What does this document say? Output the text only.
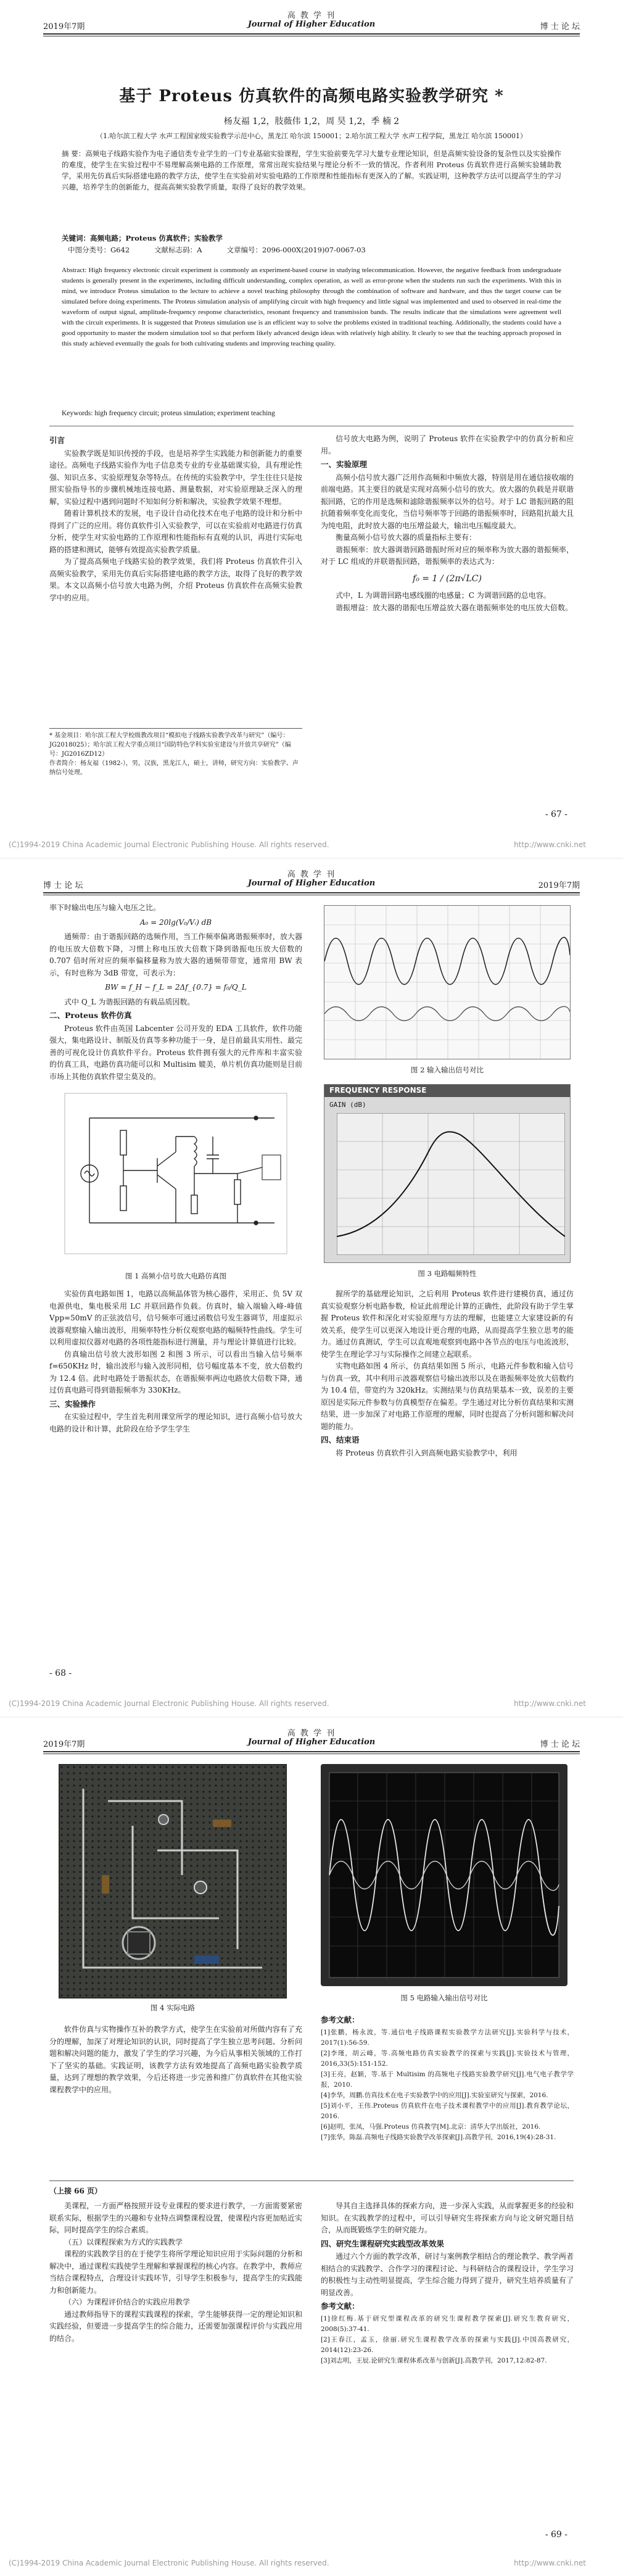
高 教 学 刊
2019年7期	Journal of Higher Education	博 士 论 坛
基于 Proteus 仿真软件的高频电路实验教学研究 *
杨友福 1,2，肢薇伟 1,2，周 昊 1,2，季 楠 2
（1.哈尔滨工程大学 水声工程国家级实验教学示范中心，黑龙江 哈尔滨 150001；2.哈尔滨工程大学 水声工程学院，黑龙江 哈尔滨 150001）
摘 要：高频电子线路实验作为电子通信类专业学生的一门专业基础实验课程，学生实验前要先学习大量专业理论知识，但是高频实验设备的复杂性以及实验操作的难度，使学生在实验过程中不易理解高频电路的工作原理，常常出现实验结果与理论分析不一致的情况。作者利用 Proteus 仿真软件进行高频实验辅助教学，采用先仿真后实际搭建电路的教学方法，使学生在实验前对实验电路的工作原理和性能指标有更深入的了解。实践证明，这种教学方法可以提高学生的学习兴趣，培养学生的创新能力，提高高频实验教学质量，取得了良好的教学效果。
关键词：高频电路；Proteus 仿真软件；实验教学
中图分类号：G642	文献标志码：A	文章编号：2096-000X(2019)07-0067-03
Abstract: High frequency electronic circuit experiment is commonly an experiment-based course in studying telecommunication. However, the negative feedback from undergraduate students is generally present in the experiments, including difficult understanding, complex operation, as well as error-prone when the students run such the experiments. With this in mind, we introduce Proteus simulation to the lecture to achieve a novel teaching philosophy through the combination of software and hardware, and thus the target course can be simulated before doing experiments. The Proteus simulation analysis of amplifying circuit with high frequency and little signal was implemented and used to observed in real-time the waveform of output signal, amplitude-frequency response characteristics, resonant frequency and transmission bands. The results indicate that the simulations were agreement well with the circuit experiments. It is suggested that Proteus simulation use is an efficient way to solve the problems existed in traditional teaching. Additionally, the students could have a good opportunity to master the modern simulation tool so that perform likely advanced design ideas with relatively high ability. It clearly to see that the teaching approach proposed in this study achieved eventually the goals for both cultivating students and improving teaching quality.
Keywords: high frequency circuit; proteus simulation; experiment teaching
引言

实验教学既是知识传授的手段，也是培养学生实践能力和创新能力的重要途径。高频电子线路实验作为电子信息类专业的专业基础课实验，具有理论性强、知识点多、实验原理复杂等特点。在传统的实验教学中，学生往往只是按照实验指导书的步骤机械地连接电路、测量数据，对实验原理缺乏深入的理解，实验过程中遇到问题时不知如何分析和解决，实验教学效果不理想。

随着计算机技术的发展，电子设计自动化技术在电子电路的设计和分析中得到了广泛的应用。将仿真软件引入实验教学，可以在实验前对电路进行仿真分析，使学生对实验电路的工作原理和性能指标有直观的认识，再进行实际电路的搭建和测试，能够有效提高实验教学质量。

为了提高高频电子线路实验的教学效果，我们将 Proteus 仿真软件引入高频实验教学，采用先仿真后实际搭建电路的教学方法，取得了良好的教学效果。本文以高频小信号放大电路为例，介绍 Proteus 仿真软件在高频实验教学中的应用。

信号放大电路为例，说明了 Proteus 软件在实验教学中的仿真分析和应用。

一、实验原理

高频小信号放大器广泛用作高频和中频放大器，特别是用在通信接收端的前端电路。其主要目的就是实现对高频小信号的放大。放大器的负载是并联谐振回路，它的作用是选频和滤除谐振频率以外的信号。对于 LC 谐振回路的阻抗随着频率变化而变化，当信号频率等于回路的谐振频率时，回路阻抗最大且为纯电阻，此时放大器的电压增益最大，输出电压幅度最大。

衡量高频小信号放大器的质量指标主要有：

谐振频率：放大器调谐回路谐振时所对应的频率称为放大器的谐振频率，对于 LC 组成的并联谐振回路，谐振频率的表达式为：

f₀ = 1 / (2π√LC)

式中，L 为调谐回路电感线圈的电感量；C 为调谐回路的总电容。

谐振增益：放大器的谐振电压增益放大器在谐振频率处的电压放大倍数。

* 基金项目：哈尔滨工程大学校级教改项目“模拟电子线路实验教学改革与研究”（编号：JG2018025）；哈尔滨工程大学重点项目“国防特色学科实验室建设与开放共享研究”（编号：JG2016ZD12）
作者简介：杨友福（1982-），男，汉族，黑龙江人，硕士，讲师，研究方向：实验教学、声纳信号处理。
- 67 -
(C)1994-2019 China Academic Journal Electronic Publishing House. All rights reserved.	http://www.cnki.net
高 教 学 刊
博 士 论 坛	Journal of Higher Education	2019年7期

率下时输出电压与输入电压之比。

A₀ = 20lg(V₀/Vᵢ) dB

通频带：由于谐振回路的选频作用，当工作频率偏离谐振频率时，放大器的电压放大倍数下降，习惯上称电压放大倍数下降到谐振电压放大倍数的 0.707 倍时所对应的频率偏移量称为放大器的通频带带宽，通常用 BW 表示，有时也称为 3dB 带宽，可表示为：

BW = f_H − f_L = 2Δf_{0.7} = f₀/Q_L

式中 Q_L 为谐振回路的有载品质因数。

二、Proteus 软件仿真

Proteus 软件由英国 Labcenter 公司开发的 EDA 工具软件，软件功能强大，集电路设计、制版及仿真等多种功能于一身，是目前最具实用性、最完善的可视化设计仿真软件平台。Proteus 软件拥有强大的元件库和丰富实验的仿真工具，电路仿真功能可以和 Multisim 媲美，单片机仿真功能则是目前市场上其他仿真软件望尘莫及的。

图 1 高频小信号放大电路仿真图

实验仿真电路如图 1，电路以高频晶体管为核心器件，采用正、负 5V 双电源供电，集电极采用 LC 并联回路作负载。仿真时，输入端输入峰-峰值 Vpp=50mV 的正弦波信号，信号频率可通过函数信号发生器调节，用虚拟示波器观察输入输出波形，用频率特性分析仪观察电路的幅频特性曲线。学生可以利用虚拟仪器对电路的各项性能指标进行测量，并与理论计算值进行比较。

仿真输出信号放大波形如图 2 和图 3 所示，可以看出当输入信号频率 f=650KHz 时，输出波形与输入波形同相，信号幅度基本不变，放大倍数约为 12.4 倍。此时电路处于谐振状态，在谐振频率两边电路放大倍数下降，通过仿真电路可得到谐振频率为 330KHz。

三、实验操作

在实验过程中，学生首先利用课堂所学的理论知识，进行高频小信号放大电路的设计和计算，此阶段在给予学生学生

图 2 输入输出信号对比
FREQUENCY RESPONSE
GAIN (dB)
图 3 电路幅频特性

握所学的基础理论知识，之后利用 Proteus 软件进行建模仿真，通过仿真实验观察分析电路参数，检证此前理论计算的正确性，此阶段有助于学生掌握 Proteus 软件和深化对实验原理与方法的理解，也能建立大家建设新的有效关系，使学生可以更深入地设计更合理的电路，从而提高学生独立思考的能力。通过仿真测试，学生可以直观地观察到电路中各节点的电压与电流波形，使学生在理论学习与实际操作之间建立起联系。

实物电路如图 4 所示，仿真结果如图 5 所示，电路元件参数和输入信号与仿真一致，其中利用示波器观察信号输出波形以及在谐振频率处放大倍数约为 10.4 倍，带宽约为 320kHz。实测结果与仿真结果基本一致，误差的主要原因是实际元件参数与仿真模型存在偏差。学生通过对比分析仿真结果和实测结果，进一步加深了对电路工作原理的理解，同时也提高了分析问题和解决问题的能力。

四、结束语

将 Proteus 仿真软件引入到高频电路实验教学中，利用

- 68 -
(C)1994-2019 China Academic Journal Electronic Publishing House. All rights reserved.	http://www.cnki.net
高 教 学 刊
2019年7期	Journal of Higher Education	博 士 论 坛
图 4 实际电路
图 5 电路输入输出信号对比

软件仿真与实物操作互补的教学方式，使学生在实验前对所做内容有了充分的理解，加深了对理论知识的认识，同时提高了学生独立思考问题、分析问题和解决问题的能力，激发了学生的学习兴趣，为今后从事相关领域的工作打下了坚实的基础。实践证明，该教学方法有效地提高了高频电路实验教学质量，达到了理想的教学效果，今后还将进一步完善和推广仿真软件在其他实验课程教学中的应用。

参考文献：
[1]张鹏，杨永波，等.通信电子线路课程实验教学方法研究[J].实验科学与技术，2017(1):56-59.
[2]李瑾，胡云峰，等.高频电路仿真实验教学的探索与实践[J].实验技术与管理，2016,33(5):151-152.
[3]王亮，赵颖，等.基于 Multisim 的高频电子线路实验教学研究[J].电气电子教学学报，2010.
[4]李华，周鹏.仿真技术在电子实验教学中的应用[J].实验室研究与探索，2016.
[5]刘小平，王伟.Proteus 仿真软件在电子技术课程教学中的应用[J].教育教学论坛，2016.
[6]赵明，张凤，马强.Proteus 仿真教学[M].北京：清华大学出版社，2016.
[7]张华，陈磊.高频电子线路实验教学改革探索[J].高教学刊，2016,19(4):28-31.
（上接 66 页）

美课程，一方面严格按照开设专业课程的要求进行教学，一方面需要紧密联系实际，根据学生的兴趣和专业特点调整课程设置，使课程内容更加贴近实际，同时提高学生的综合素质。

（五）以课程探索为方式的实践教学

课程的实践教学目的在于使学生将所学理论知识应用于实际问题的分析和解决中，通过课程实践使学生理解和掌握课程的核心内容。在教学中，教师应当结合课程特点，合理设计实践环节，引导学生积极参与，提高学生的实践能力和创新能力。

（六）为课程评价结合的实践应用教学

通过教师指导下的课程实践课程的探索，学生能够获得一定的理论知识和实践经验，但要进一步提高学生的综合能力，还需要加强课程评价与实践应用的结合。

导其自主选择具体的探索方向，进一步深入实践，从而掌握更多的经验和知识。在实践教学的过程中，可以引导研究生将探索方向与论文研究题目结合，从而既锻炼学生的研究能力。

四、研究生课程研究实践型改革效果

通过六个方面的教学改革，研讨与案例教学相结合的理论教学、教学两者相结合的实践教学、合作学习的课程讨论、与科研结合的课程设计，学生学习的积极性与主动性明显提高，学生综合能力得到了提升，研究生培养质量有了明显改善。

参考文献：
[1]徐红梅.基于研究型课程改革的研究生课程教学探索[J].研究生教育研究，2008(5):37-41.
[2]王春江，孟玉，徐丽.研究生课程教学改革的探索与实践[J].中国高教研究，2014(12):23-26.
[3]刘志明，王辰.论研究生课程体系改革与创新[J].高教学刊，2017,12:82-87.
- 69 -
(C)1994-2019 China Academic Journal Electronic Publishing House. All rights reserved.	http://www.cnki.net
